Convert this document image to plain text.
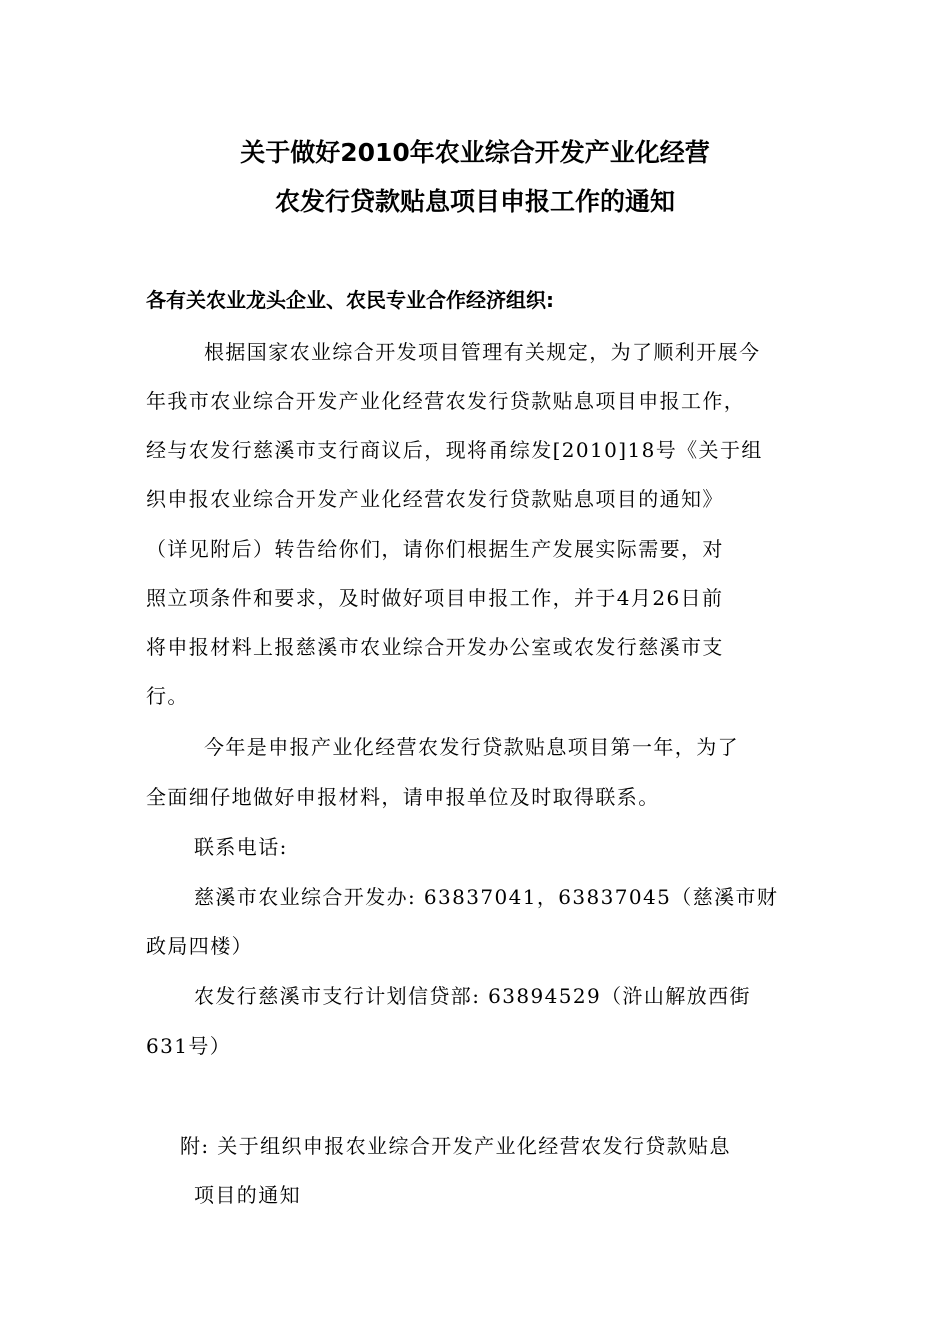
关于做好2010年农业综合开发产业化经营
农发行贷款贴息项目申报工作的通知
各有关农业龙头企业、农民专业合作经济组织:
根据国家农业综合开发项目管理有关规定，为了顺利开展今
年我市农业综合开发产业化经营农发行贷款贴息项目申报工作，
经与农发行慈溪市支行商议后，现将甬综发[2010]18号《关于组
织申报农业综合开发产业化经营农发行贷款贴息项目的通知》
（详见附后）转告给你们，请你们根据生产发展实际需要，对
照立项条件和要求，及时做好项目申报工作，并于4月26日前
将申报材料上报慈溪市农业综合开发办公室或农发行慈溪市支
行。
今年是申报产业化经营农发行贷款贴息项目第一年，为了
全面细仔地做好申报材料，请申报单位及时取得联系。
联系电话:
慈溪市农业综合开发办: 63837041，63837045（慈溪市财
政局四楼）
农发行慈溪市支行计划信贷部: 63894529（浒山解放西街
631号）
附: 关于组织申报农业综合开发产业化经营农发行贷款贴息
项目的通知
